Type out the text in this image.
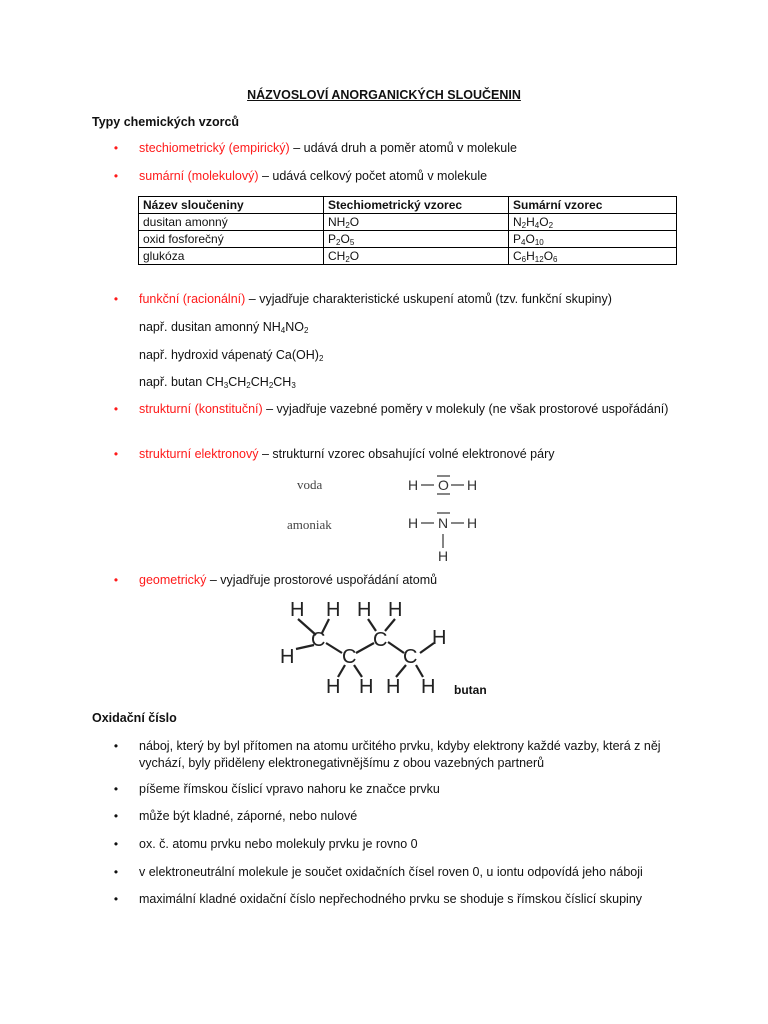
NÁZVOSLOVÍ ANORGANICKÝCH SLOUČENIN
Typy chemických vzorců
• stechiometrický (empirický) – udává druh a poměr atomů v molekule
• sumární (molekulový) – udává celkový počet atomů v molekule
Název sloučeniny	Stechiometrický vzorec	Sumární vzorec
dusitan amonný	$NH_2O$	$N_2H_4O_2$
oxid fosforečný	$P_2O_5$	$P_4O_{10}$
glukóza	$CH_2O$	$C_6H_{12}O_6$
• funkční (racionální) – vyjadřuje charakteristické uskupení atomů (tzv. funkční skupiny)
např. dusitan amonný $NH_4NO_2$
např. hydroxid vápenatý $Ca(OH)_2$
např. butan $CH_3CH_2CH_2CH_3$
• strukturní (konstituční) – vyjadřuje vazebné poměry v molekuly (ne však prostorové uspořádání)
• strukturní elektronový – strukturní vzorec obsahující volné elektronové páry
voda
amoniak
H O H
H N H
H
• geometrický – vyjadřuje prostorové uspořádání atomů
H H H H
C C H
H C C
H H H H butan
Oxidační číslo
• náboj, který by byl přítomen na atomu určitého prvku, kdyby elektrony každé vazby, která z něj vychází, byly přiděleny elektronegativnějšímu z obou vazebných partnerů
• píšeme římskou číslicí vpravo nahoru ke značce prvku
• může být kladné, záporné, nebo nulové
• ox. č. atomu prvku nebo molekuly prvku je rovno 0
• v elektroneutrální molekule je součet oxidačních čísel roven 0, u iontu odpovídá jeho náboji
• maximální kladné oxidační číslo nepřechodného prvku se shoduje s římskou číslicí skupiny
